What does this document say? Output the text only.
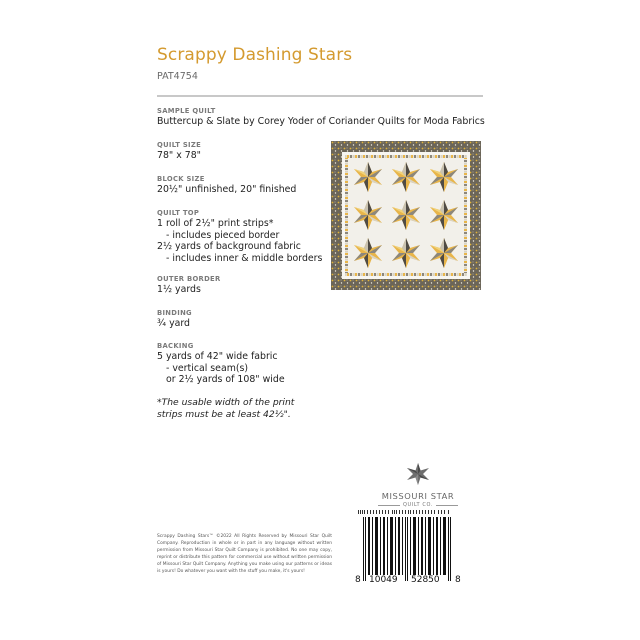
Scrappy Dashing Stars
PAT4754
SAMPLE QUILT
Buttercup & Slate by Corey Yoder of Coriander Quilts for Moda Fabrics
QUILT SIZE
78" x 78"
BLOCK SIZE
20½" unfinished, 20" finished
QUILT TOP
1 roll of 2½" print strips*
- includes pieced border
2½ yards of background fabric
- includes inner & middle borders
OUTER BORDER
1½ yards
BINDING
¾ yard
BACKING
5 yards of 42" wide fabric
- vertical seam(s)
or 2½ yards of 108" wide
*The usable width of the print
strips must be at least 42½".
MISSOURI STAR
QUILT CO.
8 10049 52850 8
Scrappy Dashing Stars™ ©2022 All Rights Reserved by Missouri Star Quilt Company. Reproduction in whole or in part in any language without written permission from Missouri Star Quilt Company is prohibited. No one may copy, reprint or distribute this pattern for commercial use without written permission of Missouri Star Quilt Company. Anything you make using our patterns or ideas is yours! Do whatever you want with the stuff you make, it's yours!
